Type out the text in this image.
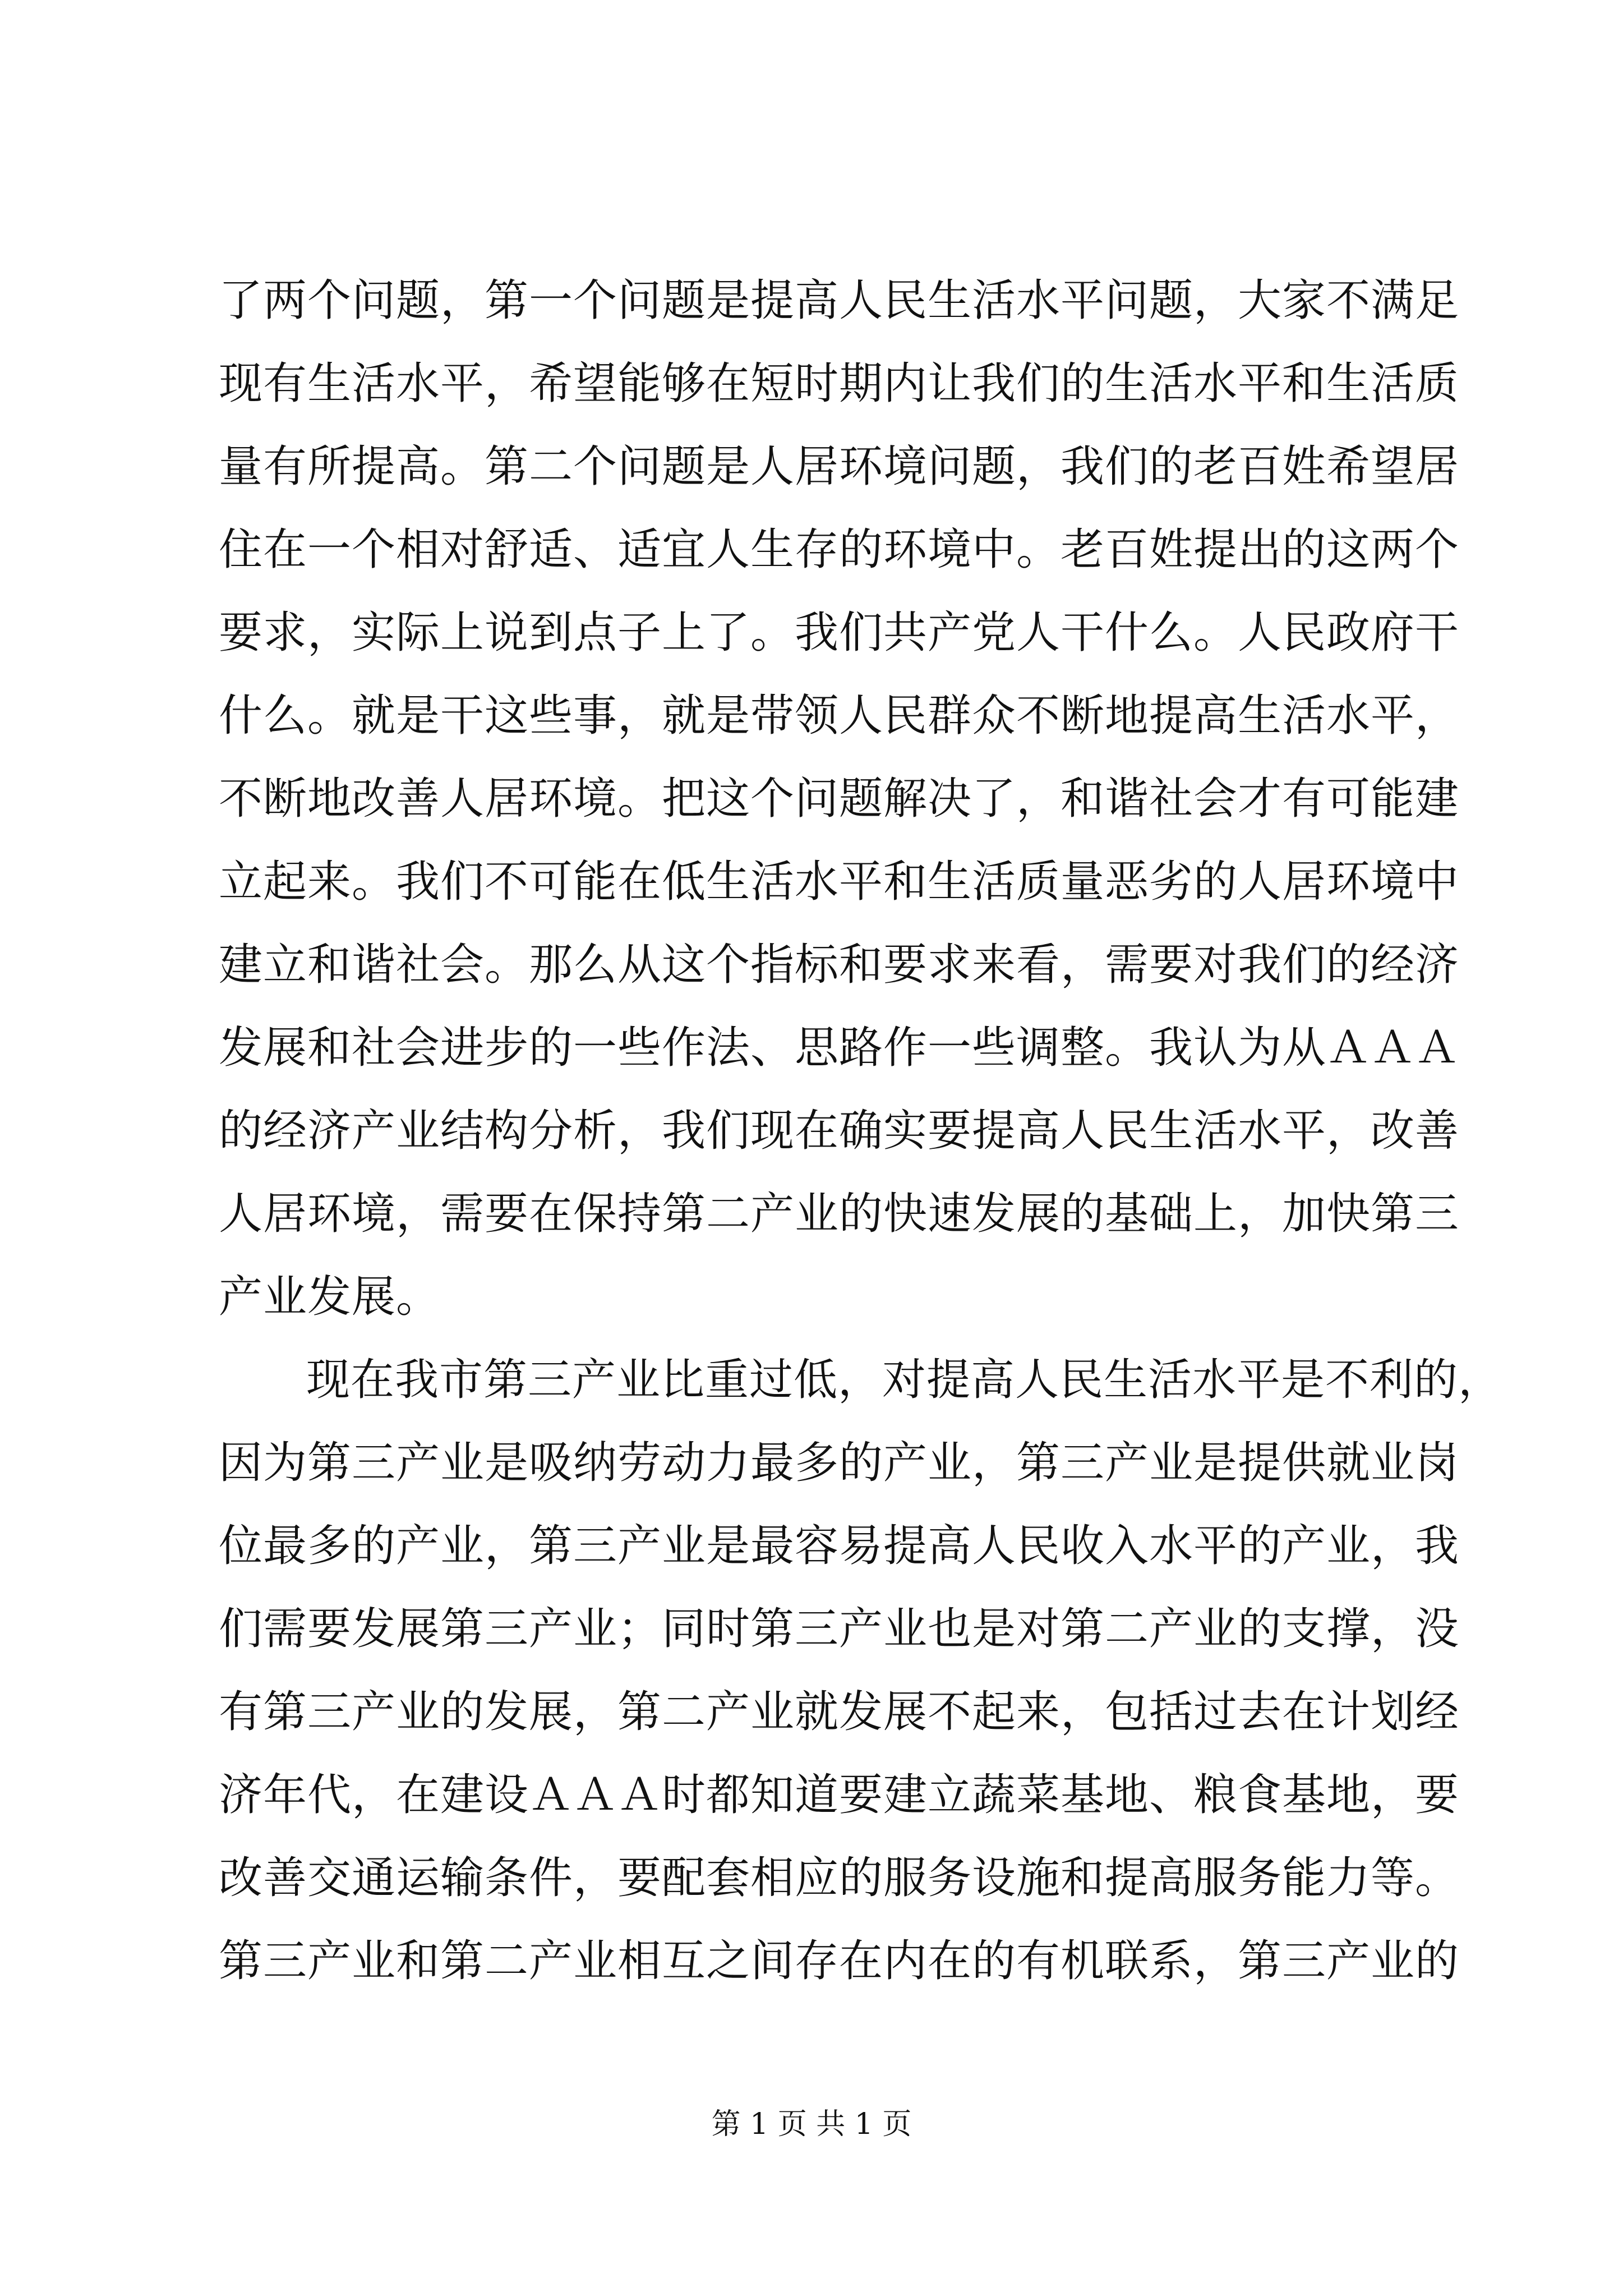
了两个问题，第一个问题是提高人民生活水平问题，大家不满足
现有生活水平，希望能够在短时期内让我们的生活水平和生活质
量有所提高。第二个问题是人居环境问题，我们的老百姓希望居
住在一个相对舒适、适宜人生存的环境中。老百姓提出的这两个
要求，实际上说到点子上了。我们共产党人干什么。人民政府干
什么。就是干这些事，就是带领人民群众不断地提高生活水平，
不断地改善人居环境。把这个问题解决了，和谐社会才有可能建
立起来。我们不可能在低生活水平和生活质量恶劣的人居环境中
建立和谐社会。那么从这个指标和要求来看，需要对我们的经济
发展和社会进步的一些作法、思路作一些调整。我认为从ＡＡＡ
的经济产业结构分析，我们现在确实要提高人民生活水平，改善
人居环境，需要在保持第二产业的快速发展的基础上，加快第三
产业发展。
现在我市第三产业比重过低，对提高人民生活水平是不利的，
因为第三产业是吸纳劳动力最多的产业，第三产业是提供就业岗
位最多的产业，第三产业是最容易提高人民收入水平的产业，我
们需要发展第三产业；同时第三产业也是对第二产业的支撑，没
有第三产业的发展，第二产业就发展不起来，包括过去在计划经
济年代，在建设ＡＡＡ时都知道要建立蔬菜基地、粮食基地，要
改善交通运输条件，要配套相应的服务设施和提高服务能力等。
第三产业和第二产业相互之间存在内在的有机联系，第三产业的
第 1 页 共 1 页
